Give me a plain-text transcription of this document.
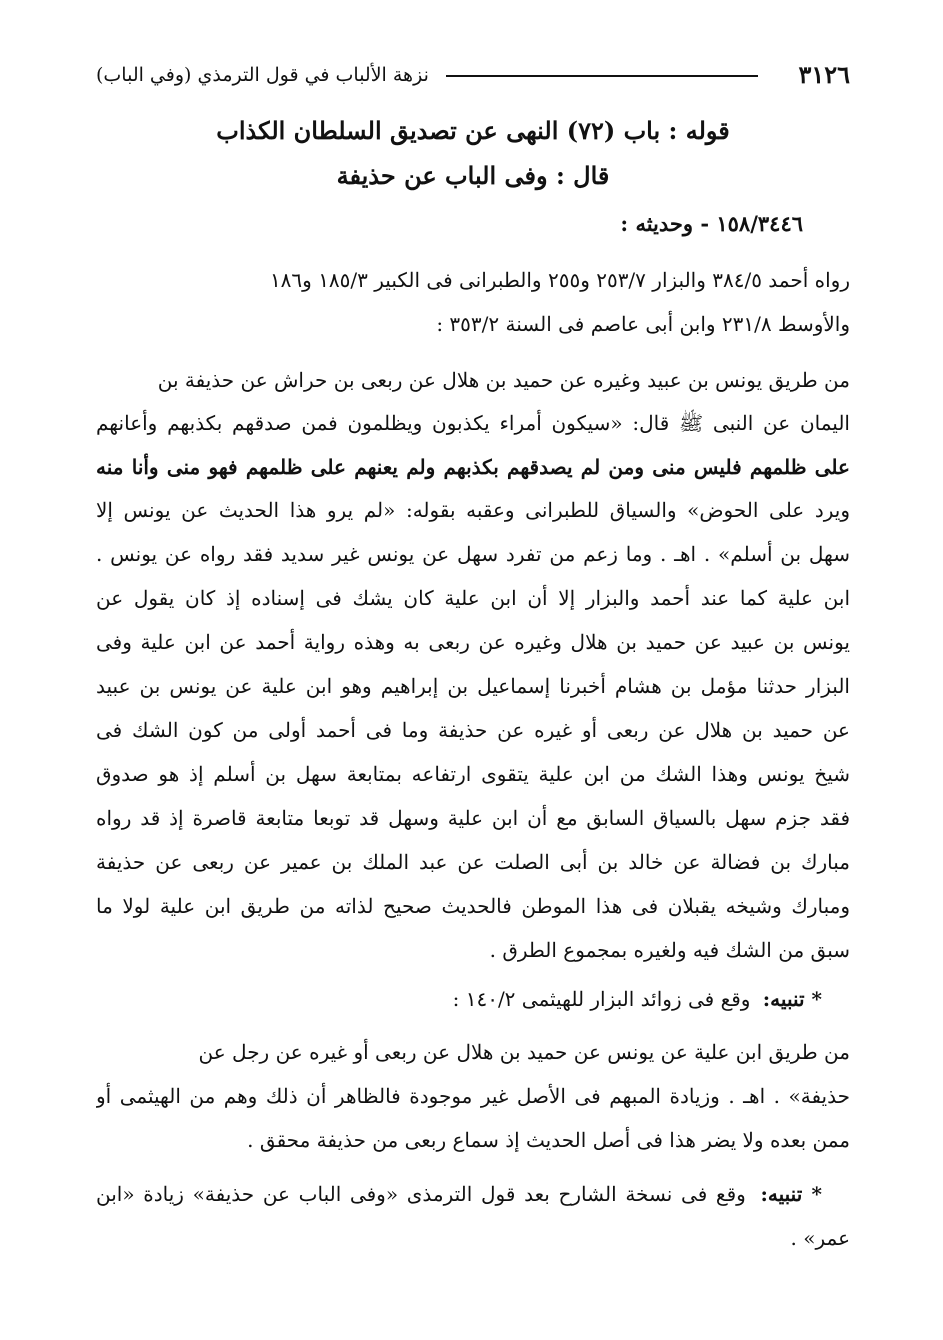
٣١٢٦
نزهة الألباب في قول الترمذي (وفي الباب)
قوله : باب (٧٢) النهى عن تصديق السلطان الكذاب
قال : وفى الباب عن حذيفة
١٥٨/٣٤٤٦ - وحديثه :
رواه أحمد ٣٨٤/٥ والبزار ٢٥٣/٧ و٢٥٥ والطبرانى فى الكبير ١٨٥/٣ و١٨٦
والأوسط ٢٣١/٨ وابن أبى عاصم فى السنة ٣٥٣/٢ :
من طريق يونس بن عبيد وغيره عن حميد بن هلال عن ربعى بن حراش عن حذيفة بن
اليمان عن النبى ﷺ قال: «سيكون أمراء يكذبون ويظلمون فمن صدقهم بكذبهم وأعانهم
على ظلمهم فليس منى ومن لم يصدقهم بكذبهم ولم يعنهم على ظلمهم فهو منى وأنا منه
ويرد على الحوض» والسياق للطبرانى وعقبه بقوله: «لم يرو هذا الحديث عن يونس إلا
سهل بن أسلم» . اهـ . وما زعم من تفرد سهل عن يونس غير سديد فقد رواه عن يونس .
ابن علية كما عند أحمد والبزار إلا أن ابن علية كان يشك فى إسناده إذ كان يقول عن
يونس بن عبيد عن حميد بن هلال وغيره عن ربعى به وهذه رواية أحمد عن ابن علية وفى
البزار حدثنا مؤمل بن هشام أخبرنا إسماعيل بن إبراهيم وهو ابن علية عن يونس بن عبيد
عن حميد بن هلال عن ربعى أو غيره عن حذيفة وما فى أحمد أولى من كون الشك فى
شيخ يونس وهذا الشك من ابن علية يتقوى ارتفاعه بمتابعة سهل بن أسلم إذ هو صدوق
فقد جزم سهل بالسياق السابق مع أن ابن علية وسهل قد توبعا متابعة قاصرة إذ قد رواه
مبارك بن فضالة عن خالد بن أبى الصلت عن عبد الملك بن عمير عن ربعى عن حذيفة
ومبارك وشيخه يقبلان فى هذا الموطن فالحديث صحيح لذاته من طريق ابن علية لولا ما
سبق من الشك فيه ولغيره بمجموع الطرق .
* تنبيه: وقع فى زوائد البزار للهيثمى ١٤٠/٢ :
من طريق ابن علية عن يونس عن حميد بن هلال عن ربعى أو غيره عن رجل عن
حذيفة» . اهـ . وزيادة المبهم فى الأصل غير موجودة فالظاهر أن ذلك وهم من الهيثمى أو
ممن بعده ولا يضر هذا فى أصل الحديث إذ سماع ربعى من حذيفة محقق .
* تنبيه: وقع فى نسخة الشارح بعد قول الترمذى «وفى الباب عن حذيفة» زيادة «ابن
عمر» .
